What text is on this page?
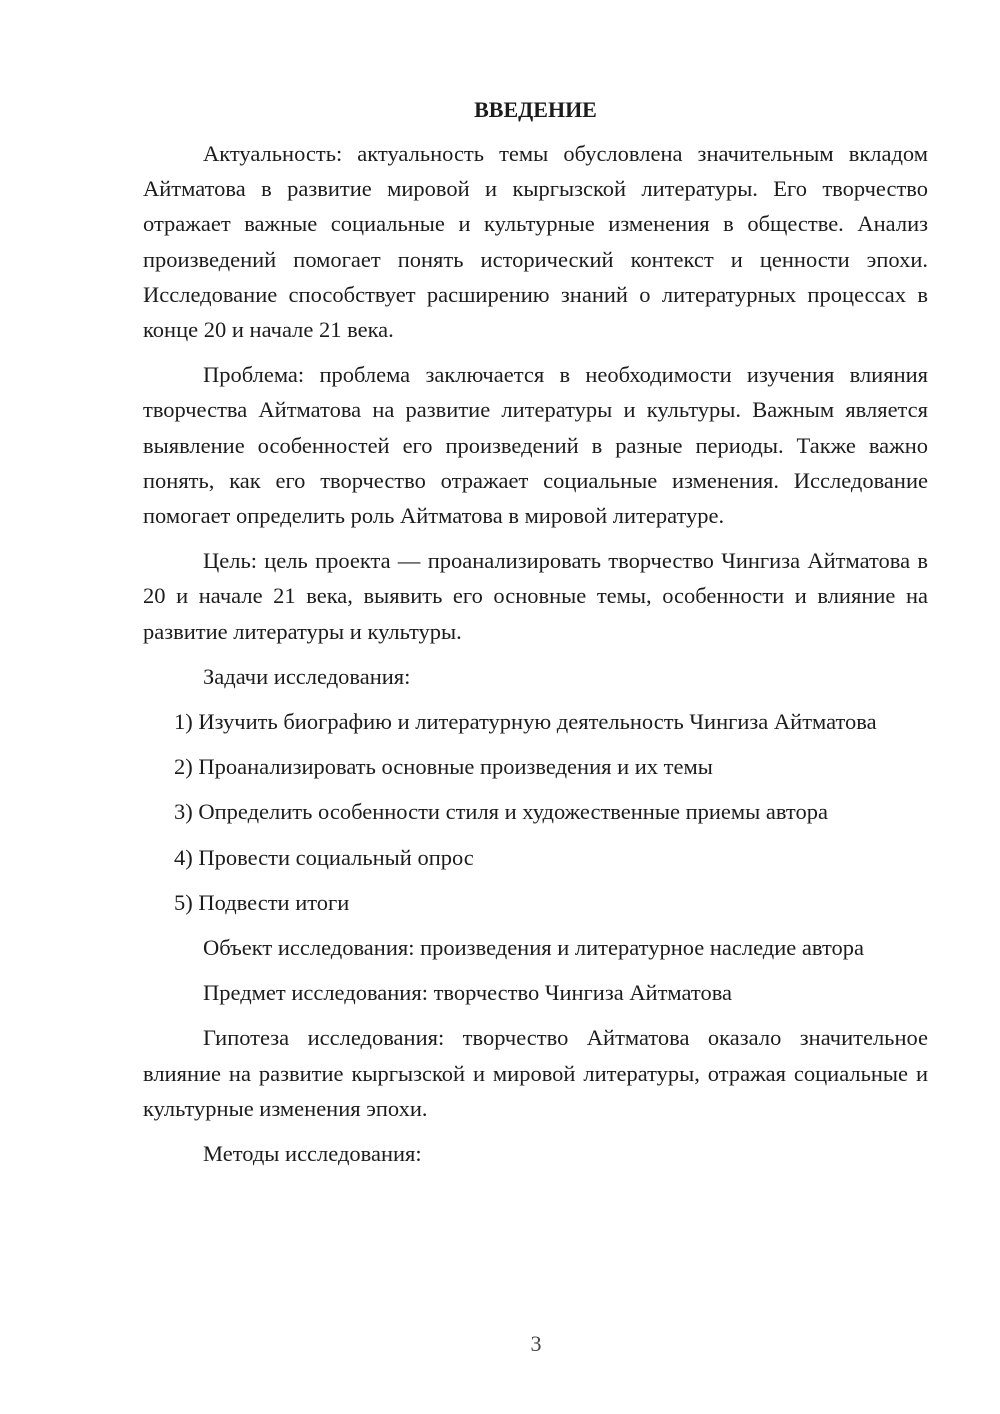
ВВЕДЕНИЕ

Актуальность: актуальность темы обусловлена значительным вкладом Айтматова в развитие мировой и кыргызской литературы. Его творчество отражает важные социальные и культурные изменения в обществе. Анализ произведений помогает понять исторический контекст и ценности эпохи. Исследование способствует расширению знаний о литературных процессах в конце 20 и начале 21 века.

Проблема: проблема заключается в необходимости изучения влияния творчества Айтматова на развитие литературы и культуры. Важным является выявление особенностей его произведений в разные периоды. Также важно понять, как его творчество отражает социальные изменения. Исследование помогает определить роль Айтматова в мировой литературе.

Цель: цель проекта — проанализировать творчество Чингиза Айтматова в 20 и начале 21 века, выявить его основные темы, особенности и влияние на развитие литературы и культуры.

Задачи исследования:

1) Изучить биографию и литературную деятельность Чингиза Айтматова

2) Проанализировать основные произведения и их темы

3) Определить особенности стиля и художественные приемы автора

4) Провести социальный опрос

5) Подвести итоги

Объект исследования: произведения и литературное наследие автора

Предмет исследования: творчество Чингиза Айтматова

Гипотеза исследования: творчество Айтматова оказало значительное влияние на развитие кыргызской и мировой литературы, отражая социальные и культурные изменения эпохи.

Методы исследования:

3
